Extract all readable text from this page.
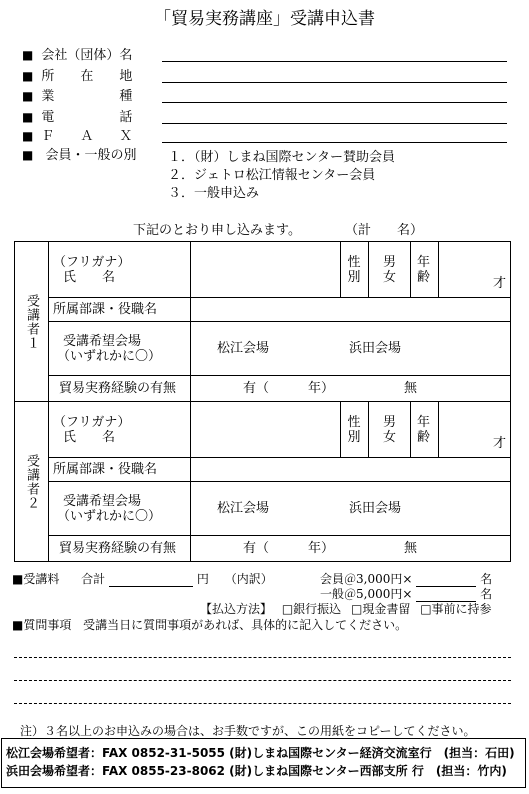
「貿易実務講座」受講申込書
■ 会社（団体）名
■ 所　　在　　地
■ 業　　　　　種
■ 電　　　　　話
■ Ｆ　　Ａ　　Ｘ
■ 会員・一般の別 １．（財）しまね国際センター賛助会員
２．ジェトロ松江情報センター会員
３．一般申込み
下記のとおり申し込みます。	（計　　名）
受講者１	（フリガナ）
氏　　名		性別	男女	年齢	才
	所属部課・役職名					

	受講希望会場
（いずれかに〇）	松江会場 浜田会場				
	貿易実務経験の有無	有（　　　年） 無				
受講者２	（フリガナ）
氏　　名		性別	男女	年齢	才
	所属部課・役職名					

	受講希望会場
（いずれかに〇）	松江会場 浜田会場				
	貿易実務経験の有無	有（　　　年） 無				
■受講料 合計	円 （内訳）	会員＠3,000円×	名
一般＠5,000円×	名
【払込方法】 □銀行振込 □現金書留 □事前に持参
■質問事項 受講当日に質問事項があれば、具体的に記入してください。
注）３名以上のお申込みの場合は、お手数ですが、この用紙をコピーしてください。
松江会場希望者：FAX 0852-31-5055 (財)しまね国際センター経済交流室行　(担当：石田)
浜田会場希望者：FAX 0855-23-8062 (財)しまね国際センター西部支所 行　(担当：竹内)
